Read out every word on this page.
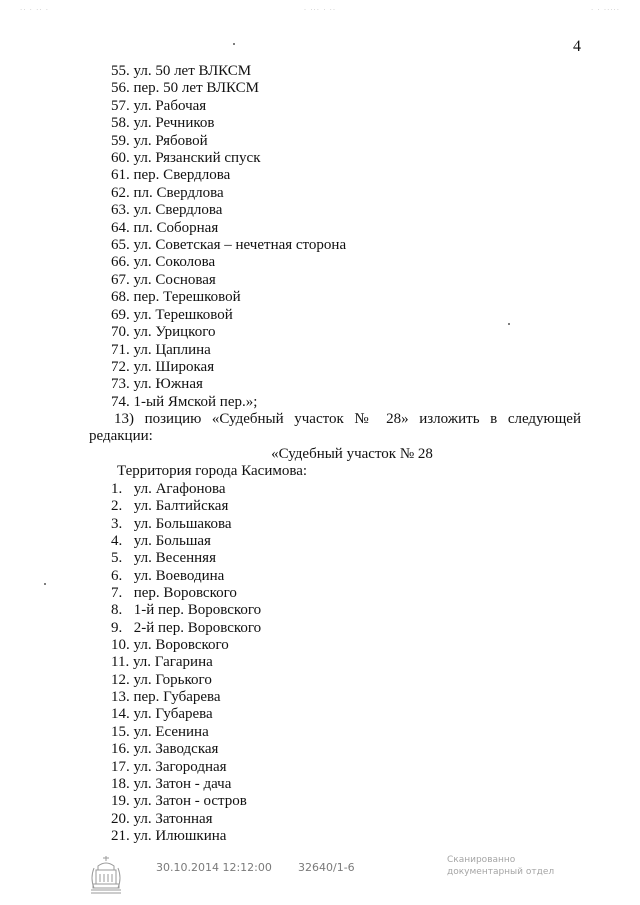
.. . .. .	. ... . ..	. . .....
4
55. ул. 50 лет ВЛКСМ
56. пер. 50 лет ВЛКСМ
57. ул. Рабочая
58. ул. Речников
59. ул. Рябовой
60. ул. Рязанский спуск
61. пер. Свердлова
62. пл. Свердлова
63. ул. Свердлова
64. пл. Соборная
65. ул. Советская – нечетная сторона
66. ул. Соколова
67. ул. Сосновая
68. пер. Терешковой
69. ул. Терешковой
70. ул. Урицкого
71. ул. Цаплина
72. ул. Широкая
73. ул. Южная
74. 1-ый Ямской пер.»;
13) позицию «Судебный участок № 28» изложить в следующей
редакции:
«Судебный участок № 28
Территория города Касимова:
1. ул. Агафонова
2. ул. Балтийская
3. ул. Большакова
4. ул. Большая
5. ул. Весенняя
6. ул. Воеводина
7. пер. Воровского
8. 1-й пер. Воровского
9. 2-й пер. Воровского
10. ул. Воровского
11. ул. Гагарина
12. ул. Горького
13. пер. Губарева
14. ул. Губарева
15. ул. Есенина
16. ул. Заводская
17. ул. Загородная
18. ул. Затон - дача
19. ул. Затон - остров
20. ул. Затонная
21. ул. Илюшкина
30.10.2014 12:12:00 32640/1-6
Сканированно
документарный отдел
